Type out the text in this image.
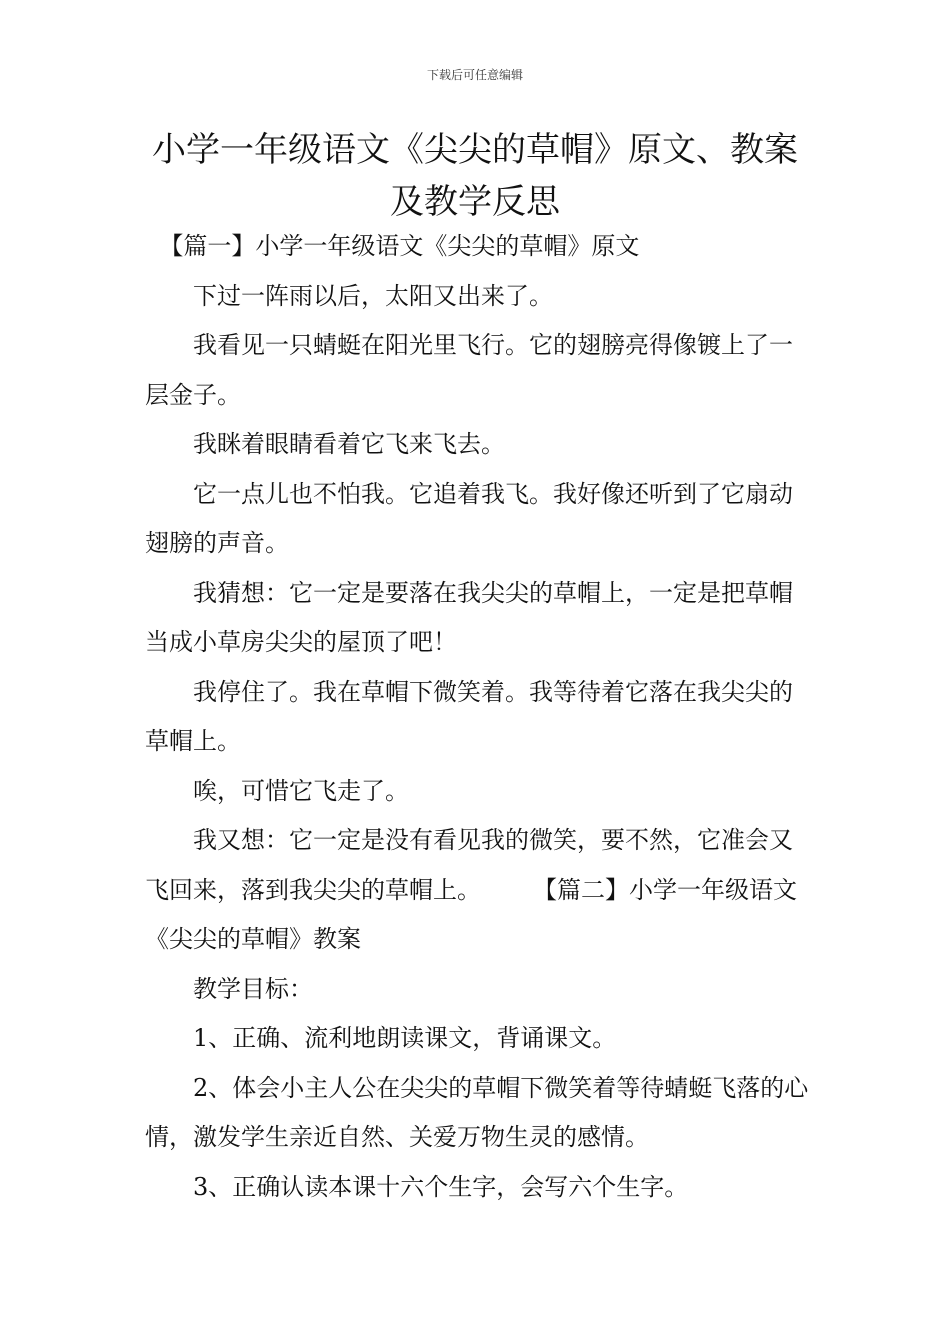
下载后可任意编辑
小学一年级语文《尖尖的草帽》原文、教案及教学反思

【篇一】小学一年级语文《尖尖的草帽》原文

下过一阵雨以后，太阳又出来了。

我看见一只蜻蜓在阳光里飞行。它的翅膀亮得像镀上了一层金子。

我眯着眼睛看着它飞来飞去。

它一点儿也不怕我。它追着我飞。我好像还听到了它扇动翅膀的声音。

我猜想：它一定是要落在我尖尖的草帽上，一定是把草帽当成小草房尖尖的屋顶了吧！

我停住了。我在草帽下微笑着。我等待着它落在我尖尖的草帽上。

唉，可惜它飞走了。

我又想：它一定是没有看见我的微笑，要不然，它准会又飞回来，落到我尖尖的草帽上。 【篇二】小学一年级语文《尖尖的草帽》教案

教学目标：

1、正确、流利地朗读课文，背诵课文。

2、体会小主人公在尖尖的草帽下微笑着等待蜻蜓飞落的心情，激发学生亲近自然、关爱万物生灵的感情。

3、正确认读本课十六个生字，会写六个生字。
